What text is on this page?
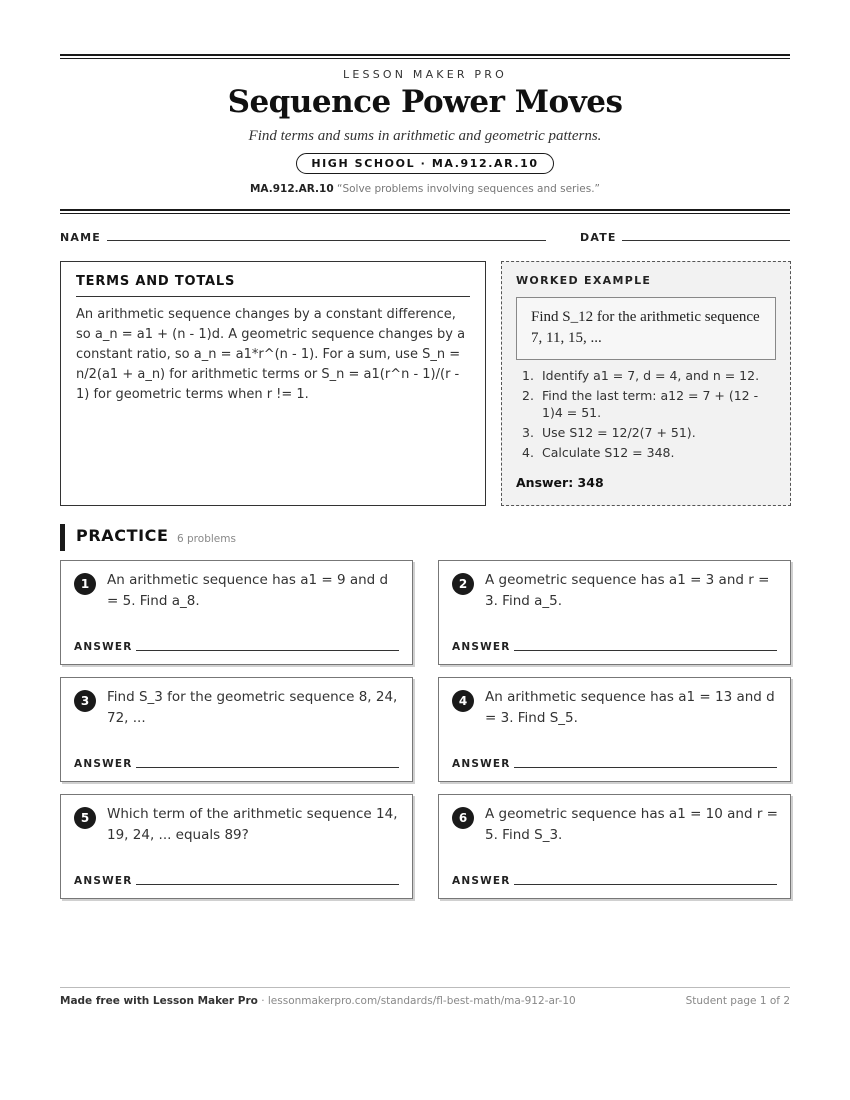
LESSON MAKER PRO
Sequence Power Moves
Find terms and sums in arithmetic and geometric patterns.
HIGH SCHOOL · MA.912.AR.10
MA.912.AR.10 “Solve problems involving sequences and series.”
NAME	DATE
TERMS AND TOTALS
An arithmetic sequence changes by a constant difference, so a_n = a1 + (n - 1)d. A geometric sequence changes by a constant ratio, so a_n = a1*r^(n - 1). For a sum, use S_n = n/2(a1 + a_n) for arithmetic terms or S_n = a1(r^n - 1)/(r - 1) for geometric terms when r != 1.
WORKED EXAMPLE
Find S_12 for the arithmetic sequence 7, 11, 15, ...
1. Identify a1 = 7, d = 4, and n = 12.
2. Find the last term: a12 = 7 + (12 - 1)4 = 51.
3. Use S12 = 12/2(7 + 51).
4. Calculate S12 = 348.
Answer: 348
PRACTICE 6 problems
1	An arithmetic sequence has a1 = 9 and d = 5. Find a_8.
ANSWER
2	A geometric sequence has a1 = 3 and r = 3. Find a_5.
ANSWER
3	Find S_3 for the geometric sequence 8, 24, 72, ...
ANSWER
4	An arithmetic sequence has a1 = 13 and d = 3. Find S_5.
ANSWER
5	Which term of the arithmetic sequence 14, 19, 24, ... equals 89?
ANSWER
6	A geometric sequence has a1 = 10 and r = 5. Find S_3.
ANSWER
Made free with Lesson Maker Pro · lessonmakerpro.com/standards/fl-best-math/ma-912-ar-10	Student page 1 of 2
